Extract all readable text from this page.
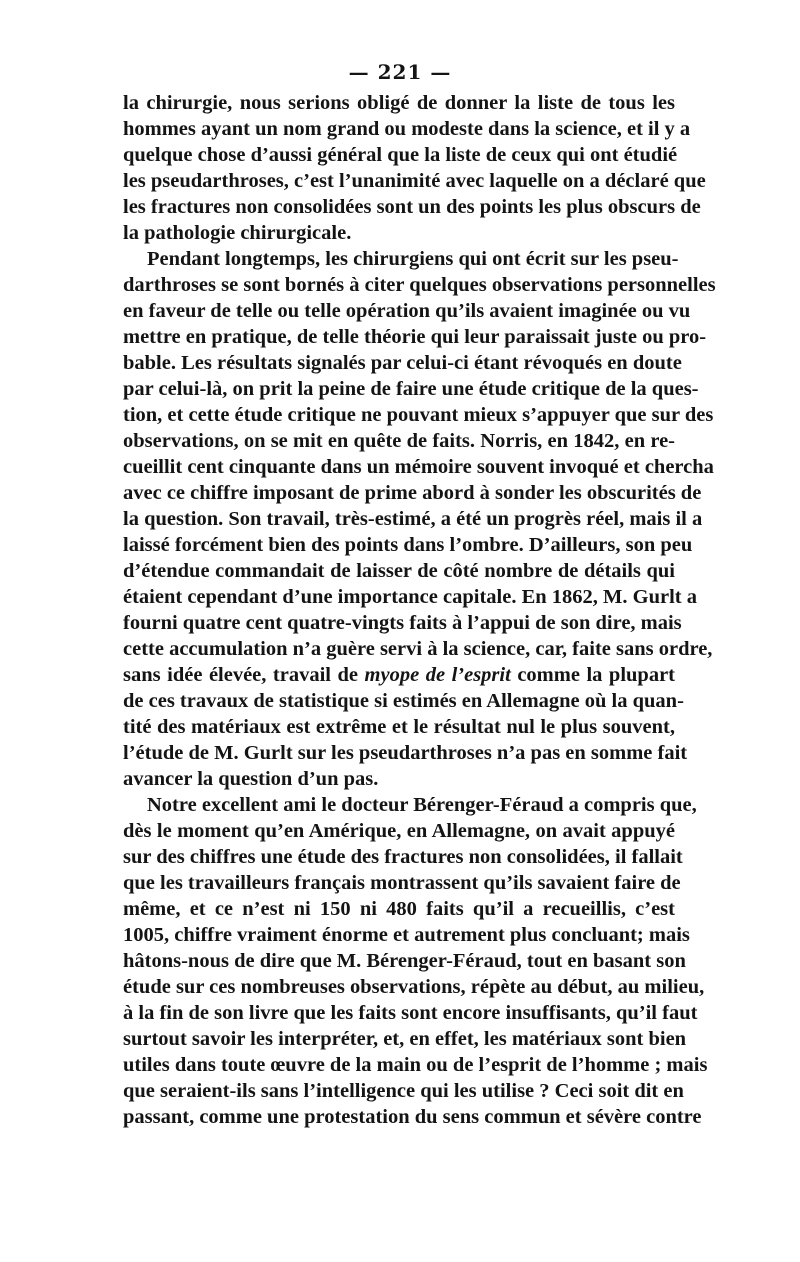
— 221 —
la chirurgie, nous serions obligé de donner la liste de tous les
hommes ayant un nom grand ou modeste dans la science, et il y a
quelque chose d’aussi général que la liste de ceux qui ont étudié
les pseudarthroses, c’est l’unanimité avec laquelle on a déclaré que
les fractures non consolidées sont un des points les plus obscurs de
la pathologie chirurgicale.
Pendant longtemps, les chirurgiens qui ont écrit sur les pseu-
darthroses se sont bornés à citer quelques observations personnelles
en faveur de telle ou telle opération qu’ils avaient imaginée ou vu
mettre en pratique, de telle théorie qui leur paraissait juste ou pro-
bable. Les résultats signalés par celui-ci étant révoqués en doute
par celui-là, on prit la peine de faire une étude critique de la ques-
tion, et cette étude critique ne pouvant mieux s’appuyer que sur des
observations, on se mit en quête de faits. Norris, en 1842, en re-
cueillit cent cinquante dans un mémoire souvent invoqué et chercha
avec ce chiffre imposant de prime abord à sonder les obscurités de
la question. Son travail, très-estimé, a été un progrès réel, mais il a
laissé forcément bien des points dans l’ombre. D’ailleurs, son peu
d’étendue commandait de laisser de côté nombre de détails qui
étaient cependant d’une importance capitale. En 1862, M. Gurlt a
fourni quatre cent quatre-vingts faits à l’appui de son dire, mais
cette accumulation n’a guère servi à la science, car, faite sans ordre,
sans idée élevée, travail de myope de l’esprit comme la plupart
de ces travaux de statistique si estimés en Allemagne où la quan-
tité des matériaux est extrême et le résultat nul le plus souvent,
l’étude de M. Gurlt sur les pseudarthroses n’a pas en somme fait
avancer la question d’un pas.
Notre excellent ami le docteur Bérenger-Féraud a compris que,
dès le moment qu’en Amérique, en Allemagne, on avait appuyé
sur des chiffres une étude des fractures non consolidées, il fallait
que les travailleurs français montrassent qu’ils savaient faire de
même, et ce n’est ni 150 ni 480 faits qu’il a recueillis, c’est
1005, chiffre vraiment énorme et autrement plus concluant; mais
hâtons-nous de dire que M. Bérenger-Féraud, tout en basant son
étude sur ces nombreuses observations, répète au début, au milieu,
à la fin de son livre que les faits sont encore insuffisants, qu’il faut
surtout savoir les interpréter, et, en effet, les matériaux sont bien
utiles dans toute œuvre de la main ou de l’esprit de l’homme ; mais
que seraient-ils sans l’intelligence qui les utilise ? Ceci soit dit en
passant, comme une protestation du sens commun et sévère contre
